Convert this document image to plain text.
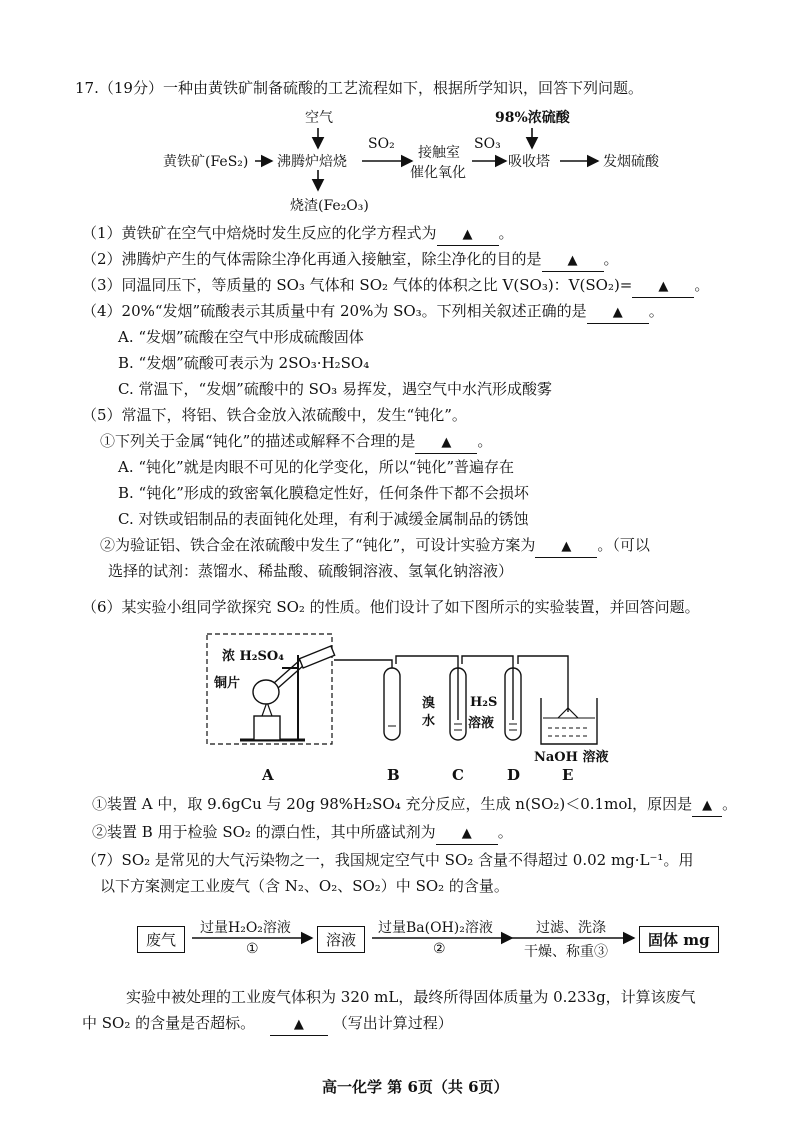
17.（19分）一种由黄铁矿制备硫酸的工艺流程如下，根据所学知识，回答下列问题。
空气	98%浓硫酸
黄铁矿(FeS₂) 沸腾炉焙烧
SO₂
接触室
催化氧化
SO₃
吸收塔	发烟硫酸
烧渣(Fe₂O₃)
（1）黄铁矿在空气中焙烧时发生反应的化学方程式为 ▲ 。
（2）沸腾炉产生的气体需除尘净化再通入接触室，除尘净化的目的是 ▲ 。
（3）同温同压下，等质量的 SO₃ 气体和 SO₂ 气体的体积之比 V(SO₃)：V(SO₂)= ▲ 。
（4）20%“发烟”硫酸表示其质量中有 20%为 SO₃。下列相关叙述正确的是 ▲ 。
A. “发烟”硫酸在空气中形成硫酸固体
B. “发烟”硫酸可表示为 2SO₃·H₂SO₄
C. 常温下，“发烟”硫酸中的 SO₃ 易挥发，遇空气中水汽形成酸雾
（5）常温下，将铝、铁合金放入浓硫酸中，发生“钝化”。
①下列关于金属“钝化”的描述或解释不合理的是 ▲ 。
A. “钝化”就是肉眼不可见的化学变化，所以“钝化”普遍存在
B. “钝化”形成的致密氧化膜稳定性好，任何条件下都不会损坏
C. 对铁或铝制品的表面钝化处理，有利于减缓金属制品的锈蚀
②为验证铝、铁合金在浓硫酸中发生了“钝化”，可设计实验方案为 ▲ 。（可以
选择的试剂：蒸馏水、稀盐酸、硫酸铜溶液、氢氧化钠溶液）
（6）某实验小组同学欲探究 SO₂ 的性质。他们设计了如下图所示的实验装置，并回答问题。
浓 H₂SO₄
铜片
溴
水
H₂S
溶液
NaOH 溶液
A	B	C	D	E
①装置 A 中，取 9.6gCu 与 20g 98%H₂SO₄ 充分反应，生成 n(SO₂)＜0.1mol，原因是 ▲ 。
②装置 B 用于检验 SO₂ 的漂白性，其中所盛试剂为 ▲ 。
（7）SO₂ 是常见的大气污染物之一，我国规定空气中 SO₂ 含量不得超过 0.02 mg·L⁻¹。用
以下方案测定工业废气（含 N₂、O₂、SO₂）中 SO₂ 的含量。
废气
过量H₂O₂溶液
①	溶液
过量Ba(OH)₂溶液
②
过滤、洗涤
干燥、称重③
固体 mg
实验中被处理的工业废气体积为 320 mL，最终所得固体质量为 0.233g，计算该废气
中 SO₂ 的含量是否超标。	▲ （写出计算过程）
高一化学 第 6页（共 6页）
